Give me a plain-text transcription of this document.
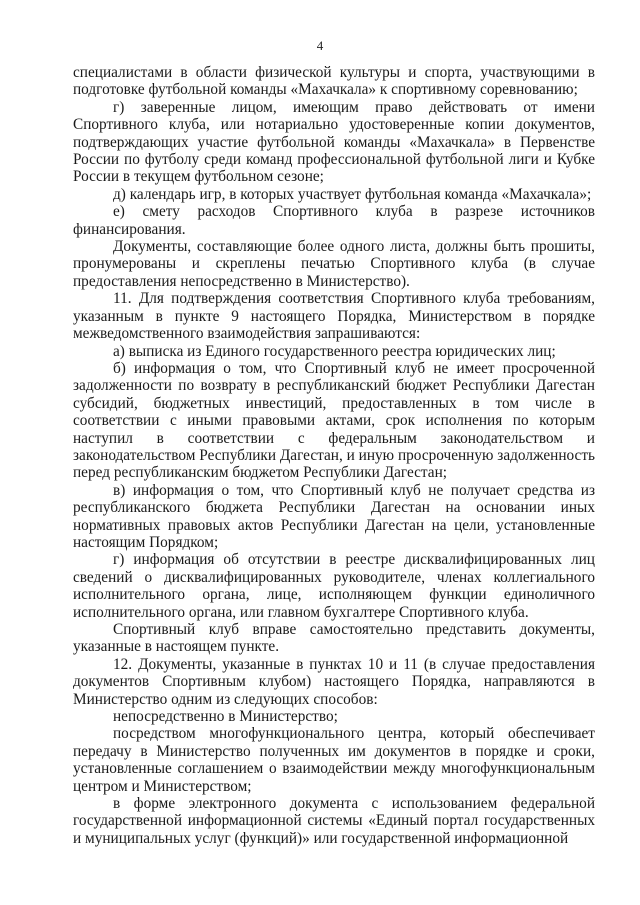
4

специалистами в области физической культуры и спорта, участвующими в подготовке футбольной команды «Махачкала» к спортивному соревнованию;

г) заверенные лицом, имеющим право действовать от имени Спортивного клуба, или нотариально удостоверенные копии документов, подтверждающих участие футбольной команды «Махачкала» в Первенстве России по футболу среди команд профессиональной футбольной лиги и Кубке России в текущем футбольном сезоне;

д) календарь игр, в которых участвует футбольная команда «Махачкала»;

е) смету расходов Спортивного клуба в разрезе источников финансирования.

Документы, составляющие более одного листа, должны быть прошиты, пронумерованы и скреплены печатью Спортивного клуба (в случае предоставления непосредственно в Министерство).

11. Для подтверждения соответствия Спортивного клуба требованиям, указанным в пункте 9 настоящего Порядка, Министерством в порядке межведомственного взаимодействия запрашиваются:

а) выписка из Единого государственного реестра юридических лиц;

б) информация о том, что Спортивный клуб не имеет просроченной задолженности по возврату в республиканский бюджет Республики Дагестан субсидий, бюджетных инвестиций, предоставленных в том числе в соответствии с иными правовыми актами, срок исполнения по которым наступил в соответствии с федеральным законодательством и законодательством Республики Дагестан, и иную просроченную задолженность перед республиканским бюджетом Республики Дагестан;

в) информация о том, что Спортивный клуб не получает средства из республиканского бюджета Республики Дагестан на основании иных нормативных правовых актов Республики Дагестан на цели, установленные настоящим Порядком;

г) информация об отсутствии в реестре дисквалифицированных лиц сведений о дисквалифицированных руководителе, членах коллегиального исполнительного органа, лице, исполняющем функции единоличного исполнительного органа, или главном бухгалтере Спортивного клуба.

Спортивный клуб вправе самостоятельно представить документы, указанные в настоящем пункте.

12. Документы, указанные в пунктах 10 и 11 (в случае предоставления документов Спортивным клубом) настоящего Порядка, направляются в Министерство одним из следующих способов:

непосредственно в Министерство;

посредством многофункционального центра, который обеспечивает передачу в Министерство полученных им документов в порядке и сроки, установленные соглашением о взаимодействии между многофункциональным центром и Министерством;

в форме электронного документа с использованием федеральной государственной информационной системы «Единый портал государственных и муниципальных услуг (функций)» или государственной информационной
